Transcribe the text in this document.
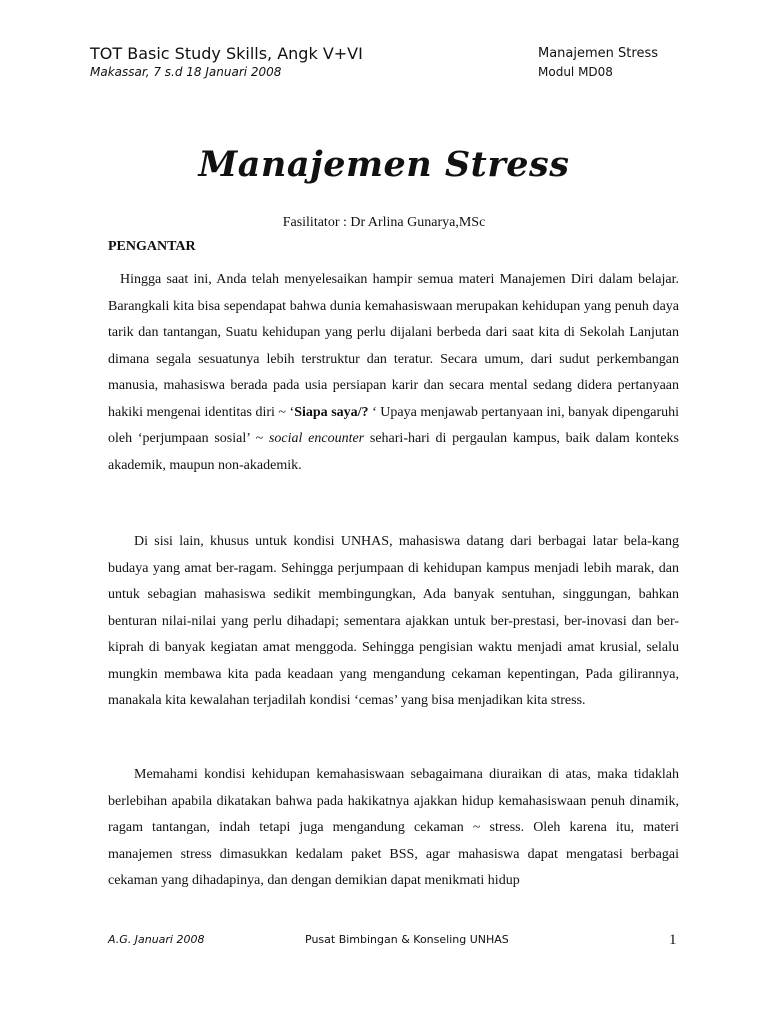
TOT Basic Study Skills, Angk V+VI
Makassar, 7 s.d 18 Januari 2008
Manajemen Stress
Modul MD08
Manajemen Stress
Fasilitator : Dr Arlina Gunarya,MSc
PENGANTAR

Hingga saat ini, Anda telah menyelesaikan hampir semua materi Manajemen Diri dalam belajar. Barangkali kita bisa sependapat bahwa dunia kemahasiswaan merupakan kehidupan yang penuh daya tarik dan tantangan, Suatu kehidupan yang perlu dijalani berbeda dari saat kita di Sekolah Lanjutan dimana segala sesuatunya lebih terstruktur dan teratur. Secara umum, dari sudut perkembangan manusia, mahasiswa berada pada usia persiapan karir dan secara mental sedang didera pertanyaan hakiki mengenai identitas diri ~ ‘Siapa saya/? ‘ Upaya menjawab pertanyaan ini, banyak dipengaruhi oleh ‘perjumpaan sosial’ ~ social encounter sehari-hari di pergaulan kampus, baik dalam konteks akademik, maupun non-akademik.

Di sisi lain, khusus untuk kondisi UNHAS, mahasiswa datang dari berbagai latar bela-kang budaya yang amat ber-ragam. Sehingga perjumpaan di kehidupan kampus menjadi lebih marak, dan untuk sebagian mahasiswa sedikit membingungkan, Ada banyak sentuhan, singgungan, bahkan benturan nilai-nilai yang perlu dihadapi; sementara ajakkan untuk ber-prestasi, ber-inovasi dan ber-kiprah di banyak kegiatan amat menggoda. Sehingga pengisian waktu menjadi amat krusial, selalu mungkin membawa kita pada keadaan yang mengandung cekaman kepentingan, Pada gilirannya, manakala kita kewalahan terjadilah kondisi ‘cemas’ yang bisa menjadikan kita stress.

Memahami kondisi kehidupan kemahasiswaan sebagaimana diuraikan di atas, maka tidaklah berlebihan apabila dikatakan bahwa pada hakikatnya ajakkan hidup kemahasiswaan penuh dinamik, ragam tantangan, indah tetapi juga mengandung cekaman ~ stress. Oleh karena itu, materi manajemen stress dimasukkan kedalam paket BSS, agar mahasiswa dapat mengatasi berbagai cekaman yang dihadapinya, dan dengan demikian dapat menikmati hidup

A.G. Januari 2008	Pusat Bimbingan & Konseling UNHAS	1
